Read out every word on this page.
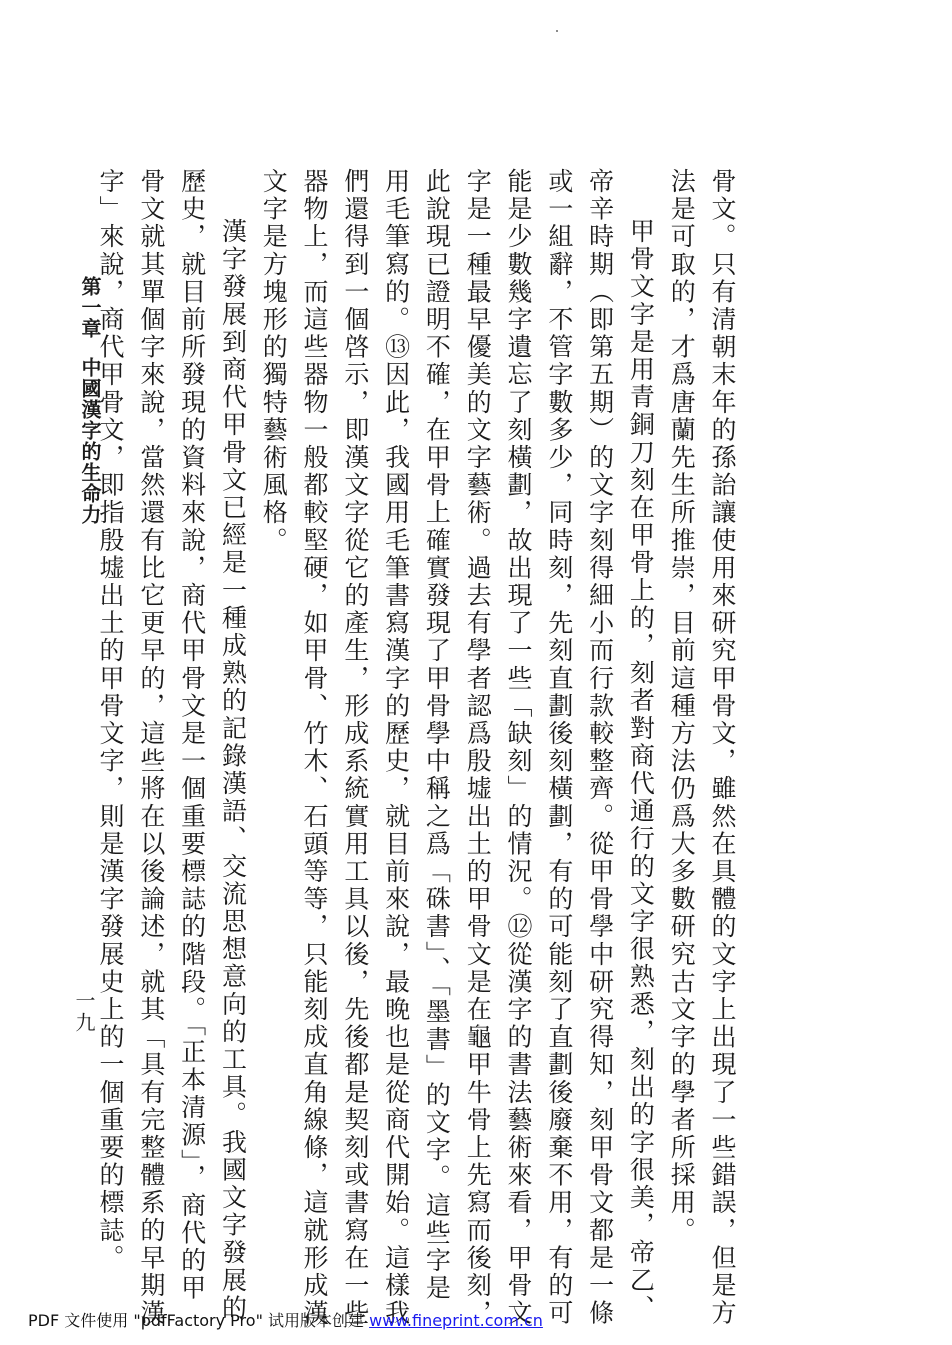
骨文。只有清朝末年的孫詒讓使用來研究甲骨文，雖然在具體的文字上出現了一些錯誤，但是方
法是可取的，才爲唐蘭先生所推崇，目前這種方法仍爲大多數研究古文字的學者所採用。
甲骨文字是用青銅刀刻在甲骨上的，刻者對商代通行的文字很熟悉，刻出的字很美，帝乙、
帝辛時期（即第五期）的文字刻得細小而行款較整齊。從甲骨學中研究得知，刻甲骨文都是一條
或一組辭，不管字數多少，同時刻，先刻直劃後刻橫劃，有的可能刻了直劃後廢棄不用，有的可
能是少數幾字遺忘了刻橫劃，故出現了一些「缺刻」的情況。⑫從漢字的書法藝術來看，甲骨文
字是一種最早優美的文字藝術。過去有學者認爲殷墟出土的甲骨文是在龜甲牛骨上先寫而後刻，
此說現已證明不確，在甲骨上確實發現了甲骨學中稱之爲「硃書」、「墨書」的文字。這些字是
用毛筆寫的。⑬因此，我國用毛筆書寫漢字的歷史，就目前來說，最晚也是從商代開始。這樣我
們還得到一個啓示，即漢文字從它的產生，形成系統實用工具以後，先後都是契刻或書寫在一些
器物上，而這些器物一般都較堅硬，如甲骨、竹木、石頭等等，只能刻成直角線條，這就形成漢
文字是方塊形的獨特藝術風格。
漢字發展到商代甲骨文已經是一種成熟的記錄漢語、交流思想意向的工具。我國文字發展的
歷史，就目前所發現的資料來說，商代甲骨文是一個重要標誌的階段。「正本清源」，商代的甲
骨文就其單個字來說，當然還有比它更早的，這些將在以後論述，就其「具有完整體系的早期漢
字」來說，商代甲骨文，即指殷墟出土的甲骨文字，則是漢字發展史上的一個重要的標誌。
第一章中國漢字的生命力
一九
PDF 文件使用 "pdfFactory Pro" 试用版本创建 www.fineprint.com.cn
